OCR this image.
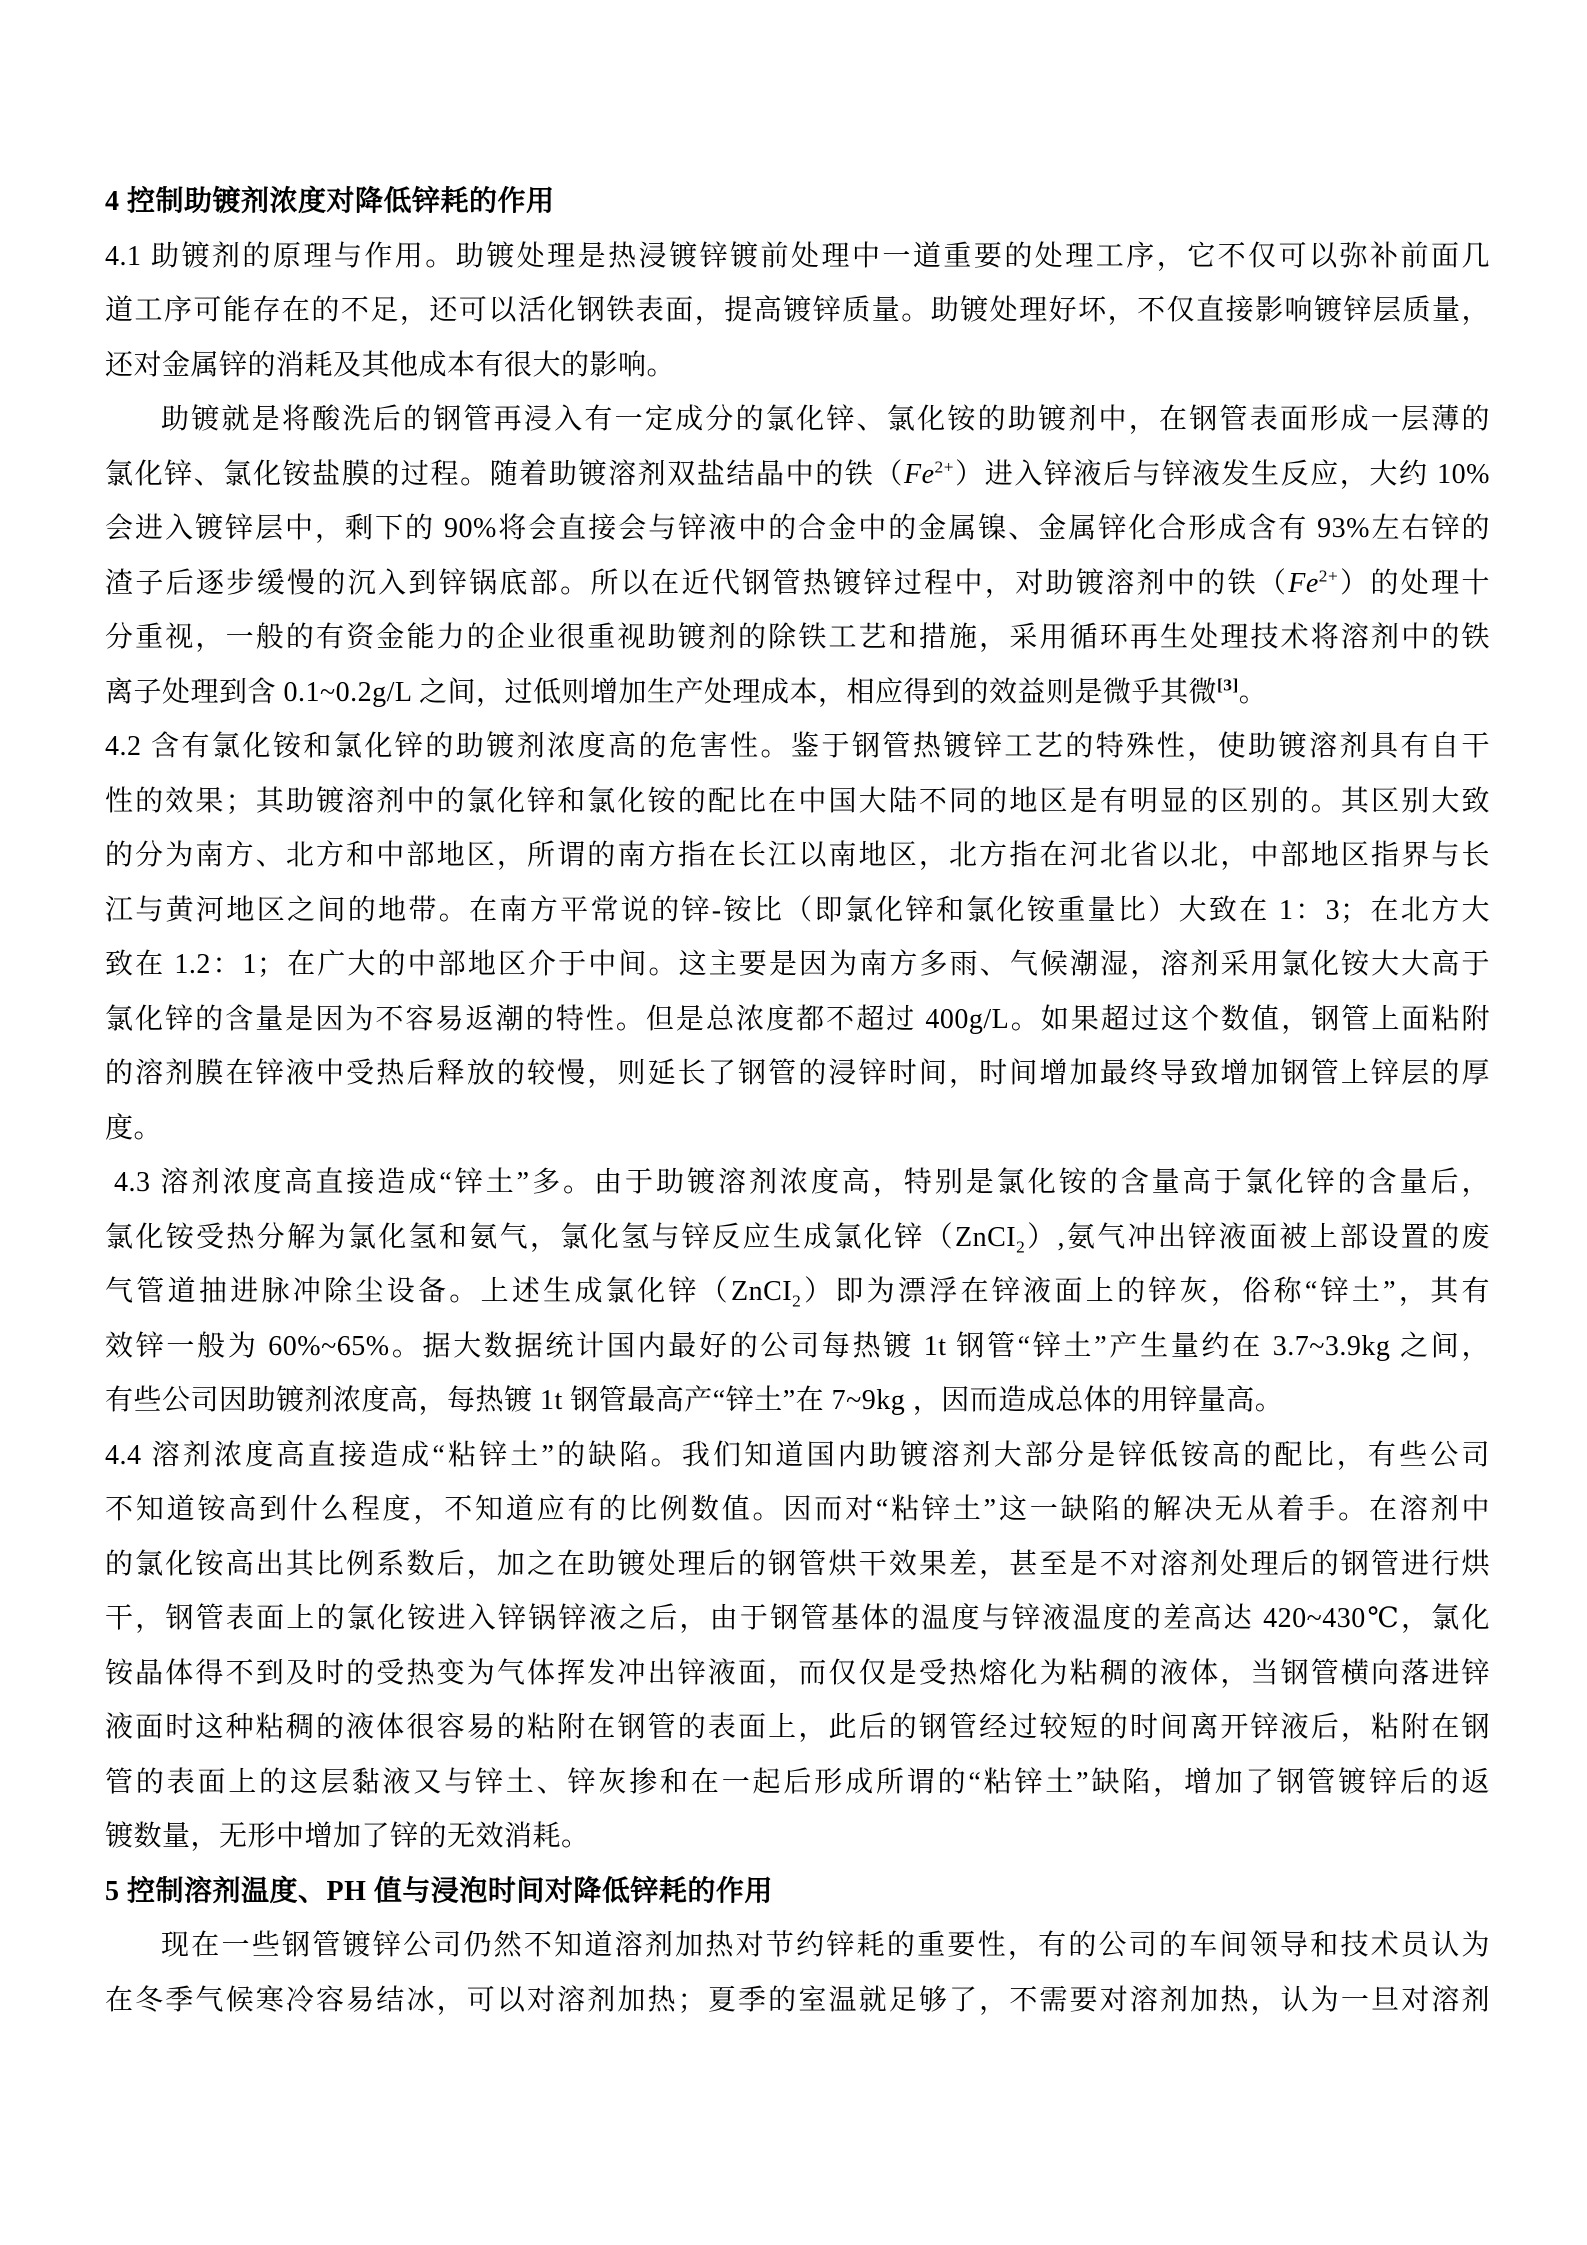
4 控制助镀剂浓度对降低锌耗的作用

4.1 助镀剂的原理与作用。助镀处理是热浸镀锌镀前处理中一道重要的处理工序，它不仅可以弥补前面几

道工序可能存在的不足，还可以活化钢铁表面，提高镀锌质量。助镀处理好坏，不仅直接影响镀锌层质量，

还对金属锌的消耗及其他成本有很大的影响。

助镀就是将酸洗后的钢管再浸入有一定成分的氯化锌、氯化铵的助镀剂中，在钢管表面形成一层薄的

氯化锌、氯化铵盐膜的过程。随着助镀溶剂双盐结晶中的铁$(Fe^{2+})$进入锌液后与锌液发生反应，大约 10%

会进入镀锌层中，剩下的 90%将会直接会与锌液中的合金中的金属镍、金属锌化合形成含有 93%左右锌的

渣子后逐步缓慢的沉入到锌锅底部。所以在近代钢管热镀锌过程中，对助镀溶剂中的铁$(Fe^{2+})$的处理十

分重视，一般的有资金能力的企业很重视助镀剂的除铁工艺和措施，采用循环再生处理技术将溶剂中的铁

离子处理到含 0.1~0.2g/L 之间，过低则增加生产处理成本，相应得到的效益则是微乎其微[3]。

4.2 含有氯化铵和氯化锌的助镀剂浓度高的危害性。鉴于钢管热镀锌工艺的特殊性，使助镀溶剂具有自干

性的效果；其助镀溶剂中的氯化锌和氯化铵的配比在中国大陆不同的地区是有明显的区别的。其区别大致

的分为南方、北方和中部地区，所谓的南方指在长江以南地区，北方指在河北省以北，中部地区指界与长

江与黄河地区之间的地带。在南方平常说的锌-铵比（即氯化锌和氯化铵重量比）大致在 1：3；在北方大

致在 1.2：1；在广大的中部地区介于中间。这主要是因为南方多雨、气候潮湿，溶剂采用氯化铵大大高于

氯化锌的含量是因为不容易返潮的特性。但是总浓度都不超过 400g/L。如果超过这个数值，钢管上面粘附

的溶剂膜在锌液中受热后释放的较慢，则延长了钢管的浸锌时间，时间增加最终导致增加钢管上锌层的厚

度。

4.3 溶剂浓度高直接造成“锌土”多。由于助镀溶剂浓度高，特别是氯化铵的含量高于氯化锌的含量后，

氯化铵受热分解为氯化氢和氨气，氯化氢与锌反应生成氯化锌（ZnCI$_2$）,氨气冲出锌液面被上部设置的废

气管道抽进脉冲除尘设备。上述生成氯化锌（ZnCI$_2$）即为漂浮在锌液面上的锌灰，俗称“锌土”，其有

效锌一般为 60%~65%。据大数据统计国内最好的公司每热镀 1t 钢管“锌土”产生量约在 3.7~3.9kg 之间，

有些公司因助镀剂浓度高，每热镀 1t 钢管最高产“锌土”在 7~9kg ，因而造成总体的用锌量高。

4.4 溶剂浓度高直接造成“粘锌土”的缺陷。我们知道国内助镀溶剂大部分是锌低铵高的配比，有些公司

不知道铵高到什么程度，不知道应有的比例数值。因而对“粘锌土”这一缺陷的解决无从着手。在溶剂中

的氯化铵高出其比例系数后，加之在助镀处理后的钢管烘干效果差，甚至是不对溶剂处理后的钢管进行烘

干，钢管表面上的氯化铵进入锌锅锌液之后，由于钢管基体的温度与锌液温度的差高达 420~430℃，氯化

铵晶体得不到及时的受热变为气体挥发冲出锌液面，而仅仅是受热熔化为粘稠的液体，当钢管横向落进锌

液面时这种粘稠的液体很容易的粘附在钢管的表面上，此后的钢管经过较短的时间离开锌液后，粘附在钢

管的表面上的这层黏液又与锌土、锌灰掺和在一起后形成所谓的“粘锌土”缺陷，增加了钢管镀锌后的返

镀数量，无形中增加了锌的无效消耗。

5 控制溶剂温度、PH 值与浸泡时间对降低锌耗的作用

现在一些钢管镀锌公司仍然不知道溶剂加热对节约锌耗的重要性，有的公司的车间领导和技术员认为

在冬季气候寒冷容易结冰，可以对溶剂加热；夏季的室温就足够了，不需要对溶剂加热，认为一旦对溶剂
